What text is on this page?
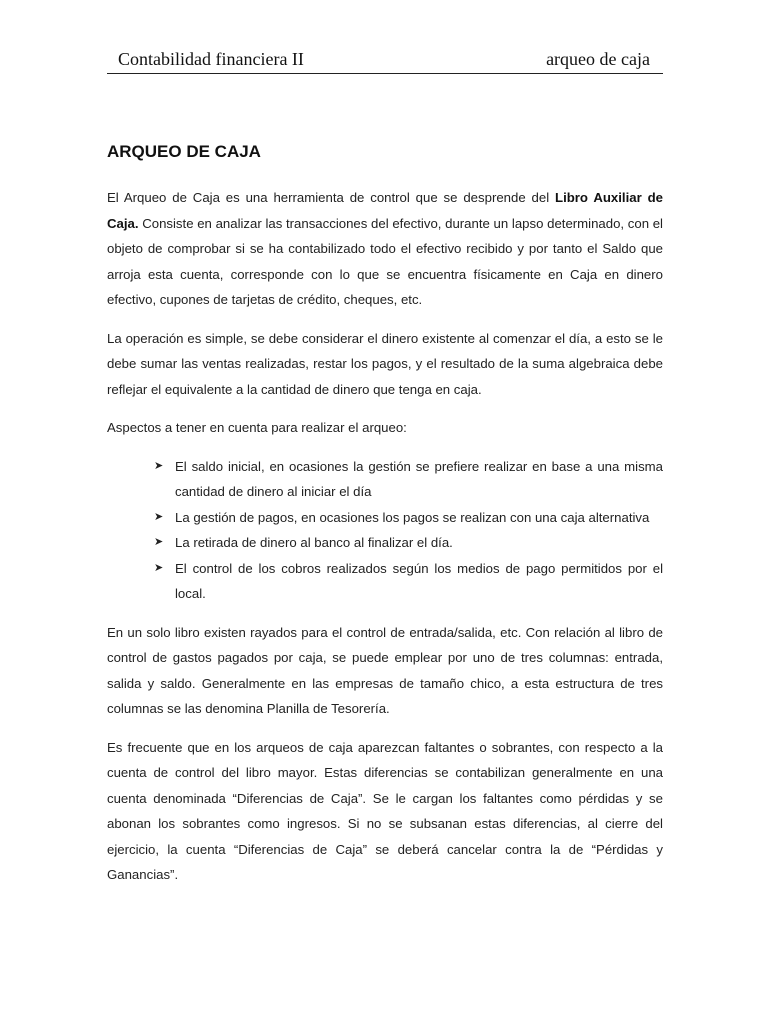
Contabilidad financiera II	arqueo de caja
ARQUEO DE CAJA

El Arqueo de Caja es una herramienta de control que se desprende del Libro Auxiliar de Caja. Consiste en analizar las transacciones del efectivo, durante un lapso determinado, con el objeto de comprobar si se ha contabilizado todo el efectivo recibido y por tanto el Saldo que arroja esta cuenta, corresponde con lo que se encuentra físicamente en Caja en dinero efectivo, cupones de tarjetas de crédito, cheques, etc.

La operación es simple, se debe considerar el dinero existente al comenzar el día, a esto se le debe sumar las ventas realizadas, restar los pagos, y el resultado de la suma algebraica debe reflejar el equivalente a la cantidad de dinero que tenga en caja.

Aspectos a tener en cuenta para realizar el arqueo:

➤ El saldo inicial, en ocasiones la gestión se prefiere realizar en base a una misma cantidad de dinero al iniciar el día
➤ La gestión de pagos, en ocasiones los pagos se realizan con una caja alternativa
➤ La retirada de dinero al banco al finalizar el día.
➤ El control de los cobros realizados según los medios de pago permitidos por el local.

En un solo libro existen rayados para el control de entrada/salida, etc. Con relación al libro de control de gastos pagados por caja, se puede emplear por uno de tres columnas: entrada, salida y saldo. Generalmente en las empresas de tamaño chico, a esta estructura de tres columnas se las denomina Planilla de Tesorería.

Es frecuente que en los arqueos de caja aparezcan faltantes o sobrantes, con respecto a la cuenta de control del libro mayor. Estas diferencias se contabilizan generalmente en una cuenta denominada “Diferencias de Caja”. Se le cargan los faltantes como pérdidas y se abonan los sobrantes como ingresos. Si no se subsanan estas diferencias, al cierre del ejercicio, la cuenta “Diferencias de Caja” se deberá cancelar contra la de “Pérdidas y Ganancias”.
